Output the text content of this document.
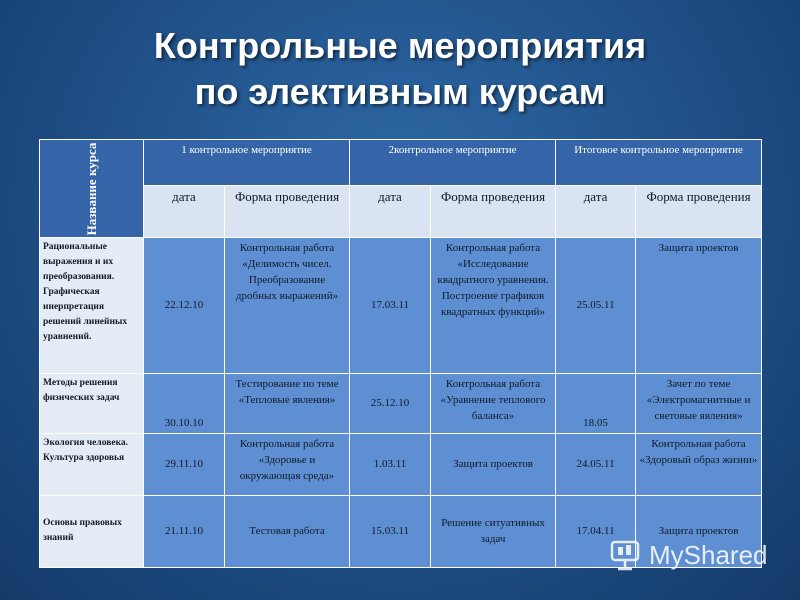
Контрольные мероприятия
по элективным курсам
Название курса	1 контрольное мероприятие		2контрольное мероприятие		Итоговое контрольное мероприятие	
	дата	Форма проведения	дата	Форма проведения	дата	Форма проведения
Рациональные выражения и их преобразования. Графическая инерпретация решений линейных уравнений.	22.12.10	Контрольная работа «Делимость чисел. Преобразование дробных выражений»	17.03.11	Контрольная работа «Исследование квадратного уравнения. Построение графиков квадратных функций»	25.05.11	Защита проектов
Методы решения физических задач	30.10.10	Тестирование по теме «Тепловые явления»	25.12.10	Контрольная работа «Уравнение теплового баланса»	18.05	Зачет по теме «Электромагнитные и световые явления»
Экология человека. Культура здоровья	29.11.10	Контрольная работа «Здоровье и окружающая среда»	1.03.11	Защита проектов	24.05.11	Контрольная работа «Здоровый образ жизни»
Основы правовых знаний	21.11.10	Тестовая работа	15.03.11	Решение ситуативных задач	17.04.11	Защита проектов
MyShared
